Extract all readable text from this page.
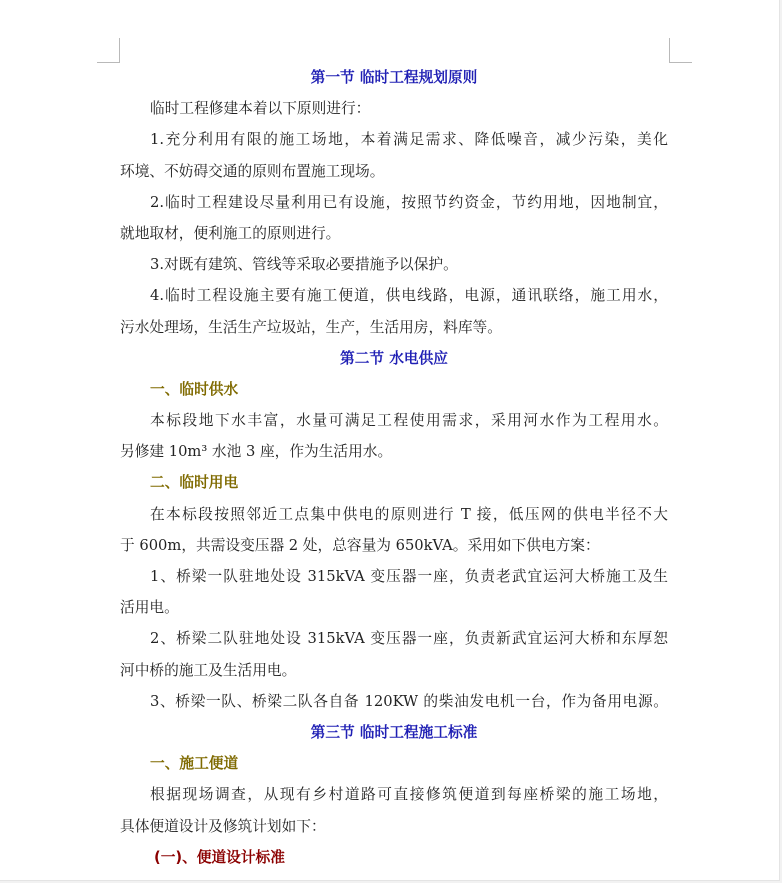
第一节 临时工程规划原则
临时工程修建本着以下原则进行：
1.充分利用有限的施工场地，本着满足需求、降低噪音，减少污染，美化
环境、不妨碍交通的原则布置施工现场。
2.临时工程建设尽量利用已有设施，按照节约资金，节约用地，因地制宜，
就地取材，便利施工的原则进行。
3.对既有建筑、管线等采取必要措施予以保护。
4.临时工程设施主要有施工便道，供电线路，电源，通讯联络，施工用水，
污水处理场，生活生产垃圾站，生产，生活用房，料库等。
第二节 水电供应
一、临时供水
本标段地下水丰富，水量可满足工程使用需求，采用河水作为工程用水。
另修建 10m³ 水池 3 座，作为生活用水。
二、临时用电
在本标段按照邻近工点集中供电的原则进行 T 接，低压网的供电半径不大
于 600m，共需设变压器 2 处，总容量为 650kVA。采用如下供电方案：
1、桥梁一队驻地处设 315kVA 变压器一座，负责老武宜运河大桥施工及生
活用电。
2、桥梁二队驻地处设 315kVA 变压器一座，负责新武宜运河大桥和东厚恕
河中桥的施工及生活用电。
3、桥梁一队、桥梁二队各自备 120KW 的柴油发电机一台，作为备用电源。
第三节 临时工程施工标准
一、施工便道
根据现场调查，从现有乡村道路可直接修筑便道到每座桥梁的施工场地，
具体便道设计及修筑计划如下：
(一)、便道设计标准
